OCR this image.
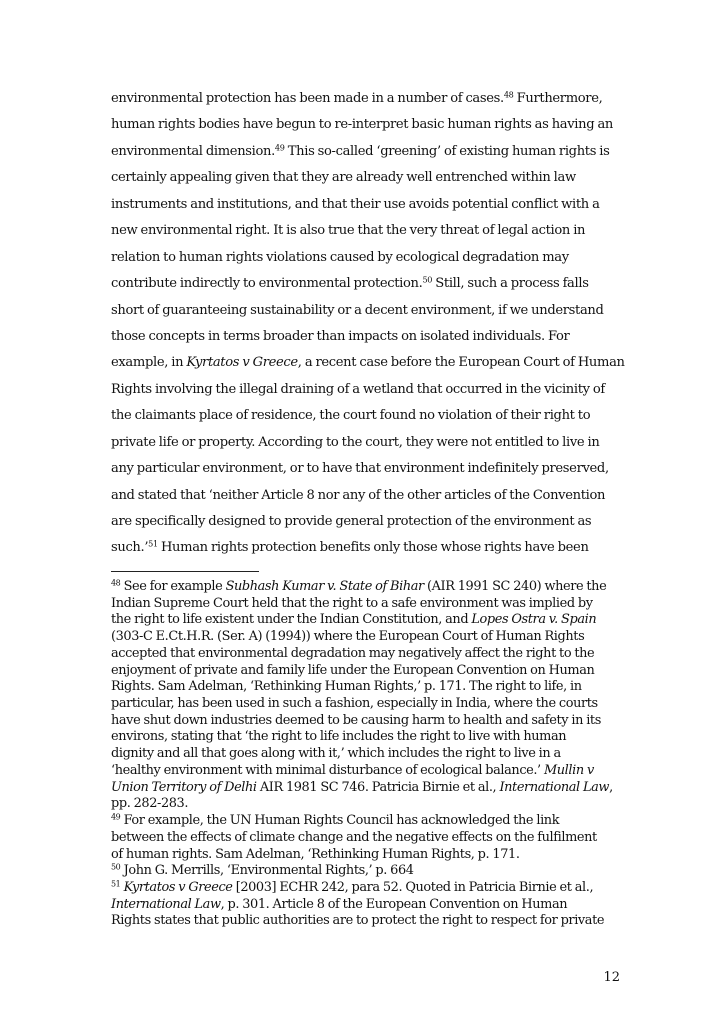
environmental protection has been made in a number of cases.$^{48}$ Furthermore,
human rights bodies have begun to re-interpret basic human rights as having an
environmental dimension.$^{49}$ This so-called ‘greening’ of existing human rights is
certainly appealing given that they are already well entrenched within law
instruments and institutions, and that their use avoids potential conflict with a
new environmental right. It is also true that the very threat of legal action in
relation to human rights violations caused by ecological degradation may
contribute indirectly to environmental protection.$^{50}$ Still, such a process falls
short of guaranteeing sustainability or a decent environment, if we understand
those concepts in terms broader than impacts on isolated individuals. For
example, in Kyrtatos v Greece, a recent case before the European Court of Human
Rights involving the illegal draining of a wetland that occurred in the vicinity of
the claimants place of residence, the court found no violation of their right to
private life or property. According to the court, they were not entitled to live in
any particular environment, or to have that environment indefinitely preserved,
and stated that ‘neither Article 8 nor any of the other articles of the Convention
are specifically designed to provide general protection of the environment as
such.’$^{51}$ Human rights protection benefits only those whose rights have been
$^{48}$ See for example Subhash Kumar v. State of Bihar (AIR 1991 SC 240) where the
Indian Supreme Court held that the right to a safe environment was implied by
the right to life existent under the Indian Constitution, and Lopes Ostra v. Spain
(303-C E.Ct.H.R. (Ser. A) (1994)) where the European Court of Human Rights
accepted that environmental degradation may negatively affect the right to the
enjoyment of private and family life under the European Convention on Human
Rights. Sam Adelman, ‘Rethinking Human Rights,’ p. 171. The right to life, in
particular, has been used in such a fashion, especially in India, where the courts
have shut down industries deemed to be causing harm to health and safety in its
environs, stating that ‘the right to life includes the right to live with human
dignity and all that goes along with it,’ which includes the right to live in a
‘healthy environment with minimal disturbance of ecological balance.’ Mullin v
Union Territory of Delhi AIR 1981 SC 746. Patricia Birnie et al., International Law,
pp. 282-283.
$^{49}$ For example, the UN Human Rights Council has acknowledged the link
between the effects of climate change and the negative effects on the fulfilment
of human rights. Sam Adelman, ‘Rethinking Human Rights, p. 171.
$^{50}$ John G. Merrills, ‘Environmental Rights,’ p. 664
$^{51}$ Kyrtatos v Greece [2003] ECHR 242, para 52. Quoted in Patricia Birnie et al.,
International Law, p. 301. Article 8 of the European Convention on Human
Rights states that public authorities are to protect the right to respect for private
12
